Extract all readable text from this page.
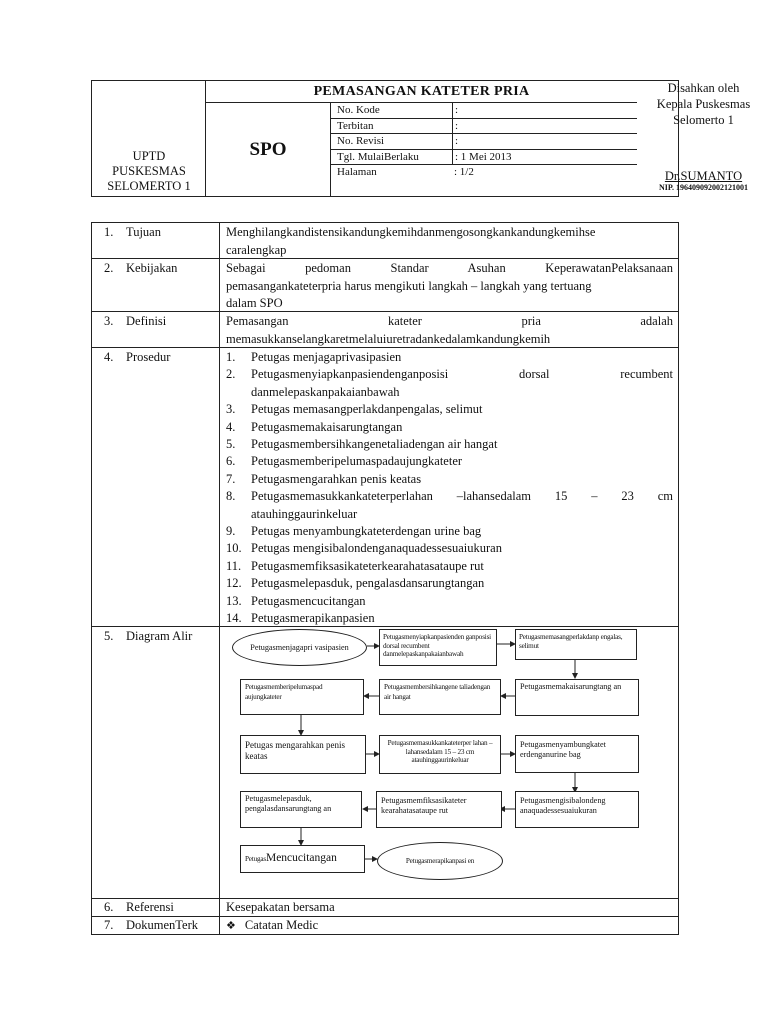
UPTD
PUSKESMAS
SELOMERTO 1
PEMASANGAN KATETER PRIA
SPO
No. Kode	:
Terbitan	:
No. Revisi	:
Tgl. MulaiBerlaku	: 1 Mei 2013
Halaman	: 1/2
Disahkan oleh
Kepala Puskesmas
Selomerto 1
Dr.SUMANTO
NIP. 196409092002121001
1. Tujuan	Menghilangkandistensikandungkemihdanmengosongkankandungkemihse
caralengkap
2. Kebijakan	Sebagai pedoman Standar Asuhan KeperawatanPelaksanaan
pemasangankateterpria harus mengikuti langkah – langkah yang tertuang
dalam SPO
3. Definisi	Pemasangan kateter pria adalah
memasukkanselangkaretmelaluiuretradankedalamkandungkemih
4. Prosedur	1. Petugas menjagaprivasipasien
2. Petugasmenyiapkanpasiendenganposisi dorsal recumbent
danmelepaskanpakaianbawah
3. Petugas memasangperlakdanpengalas, selimut
4. Petugasmemakaisarungtangan
5. Petugasmembersihkangenetaliadengan air hangat
6. Petugasmemberipelumaspadaujungkateter
7. Petugasmengarahkan penis keatas
8. Petugasmemasukkankateterperlahan –lahansedalam 15 – 23 cm
atauhinggaurinkeluar
9. Petugas menyambungkateterdengan urine bag
10. Petugas mengisibalondenganaquadessesuaiukuran
11. Petugasmemfiksasikateterkearahatasataupe rut
12. Petugasmelepasduk, pengalasdansarungtangan
13. Petugasmencucitangan
14. Petugasmerapikanpasien
5. Diagram Alir
Petugasmenjagapri vasipasien
Petugasmenyiapkanpasienden ganposisi dorsal recumbent danmelepaskanpakaianbawah
Petugasmemasangperlakdanp engalas, selimut
Petugasmemberipelumaspad aujungkateter
Petugasmembersihkangene taliadengan air hangat
Petugasmemakaisarungtang an
Petugas mengarahkan penis keatas
Petugasmemasukkankateterper lahan –lahansedalam 15 – 23 cm atauhinggaurinkeluar
Petugasmenyambungkatet erdenganurine bag
Petugasmelepasduk, pengalasdansarungtang an
Petugasmemfiksasikateter kearahatasataupe rut
Petugasmengisibalondeng anaquadessesuaiukuran
PetugasMencucitangan	Petugasmerapikanpasi en
6. Referensi	Kesepakatan bersama
7. DokumenTerk	❖ Catatan Medic
